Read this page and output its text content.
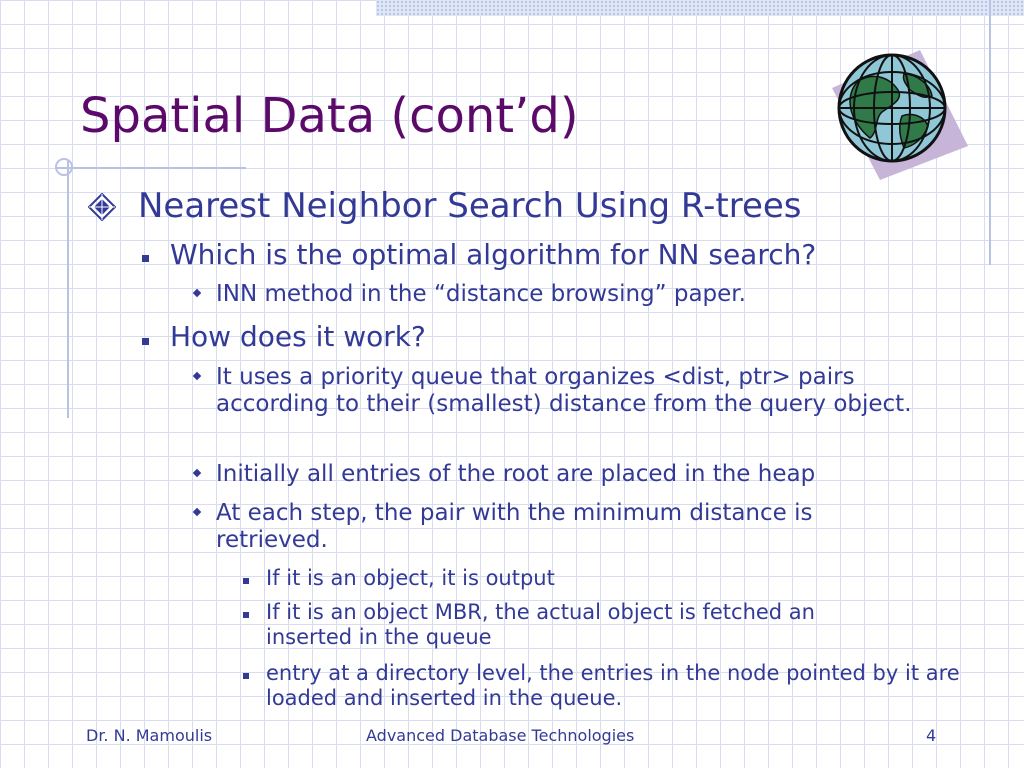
Spatial Data (cont’d)

Nearest Neighbor Search Using R-trees

Which is the optimal algorithm for NN search?

INN method in the “distance browsing” paper.

How does it work?

It uses a priority queue that organizes <dist, ptr> pairs according to their (smallest) distance from the query object.

Initially all entries of the root are placed in the heap

At each step, the pair with the minimum distance is retrieved.

If it is an object, it is output

If it is an object MBR, the actual object is fetched an inserted in the queue

entry at a directory level, the entries in the node pointed by it are loaded and inserted in the queue.

Dr. N. Mamoulis	Advanced Database Technologies	4
